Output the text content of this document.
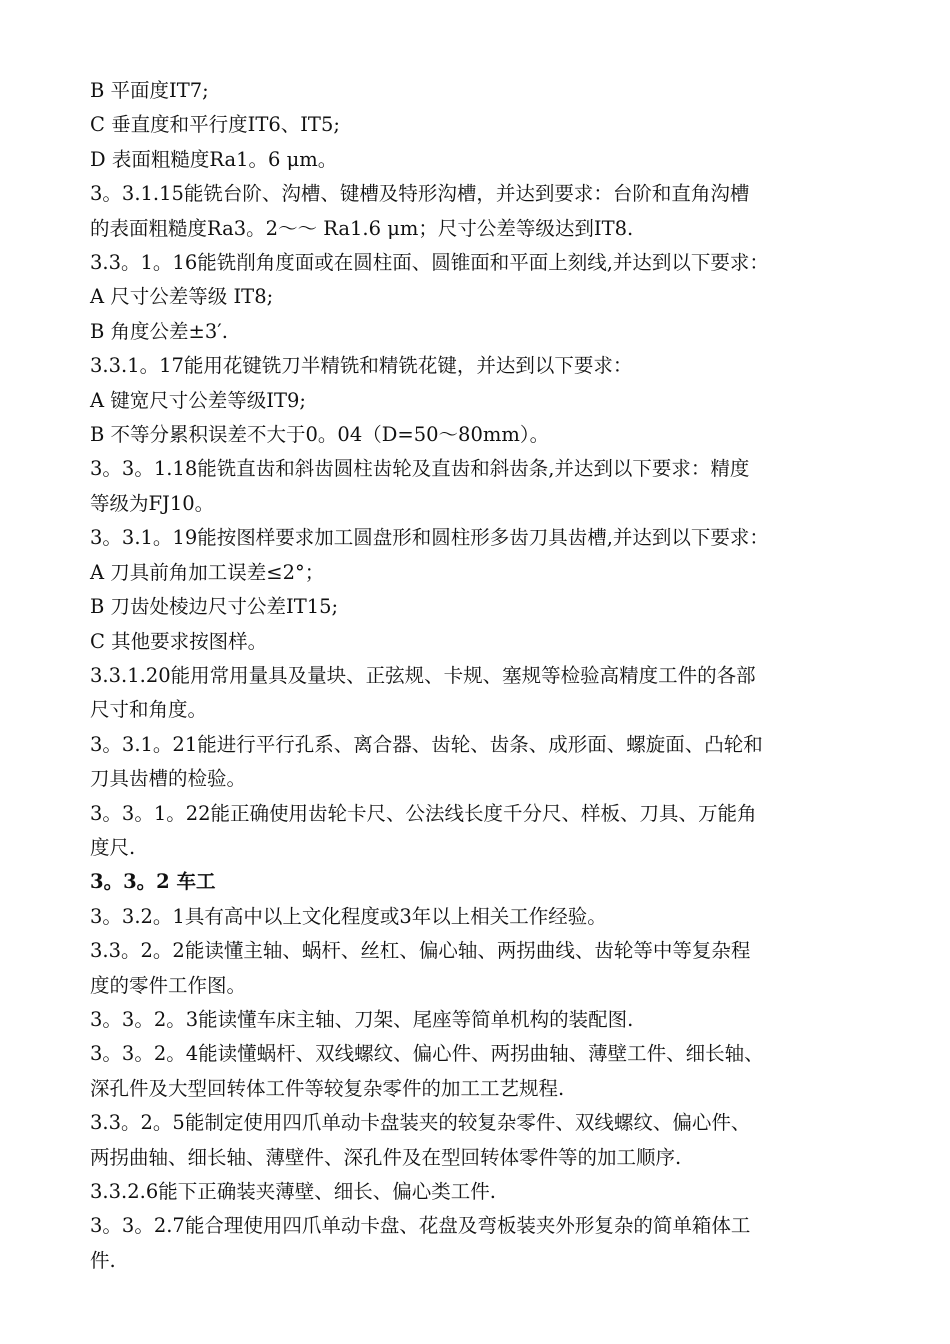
B 平面度IT7;
C 垂直度和平行度IT6、IT5;
D 表面粗糙度Ra1。6 μm。
3。3.1.15能铣台阶、沟槽、键槽及特形沟槽，并达到要求：台阶和直角沟槽
的表面粗糙度Ra3。2～～ Ra1.6 μm；尺寸公差等级达到IT8.
3.3。1。16能铣削角度面或在圆柱面、圆锥面和平面上刻线,并达到以下要求：
A 尺寸公差等级 IT8;
B 角度公差±3′.
3.3.1。17能用花键铣刀半精铣和精铣花键，并达到以下要求：
A 键宽尺寸公差等级IT9;
B 不等分累积误差不大于0。04（D=50～80mm）。
3。3。1.18能铣直齿和斜齿圆柱齿轮及直齿和斜齿条,并达到以下要求：精度
等级为FJ10。
3。3.1。19能按图样要求加工圆盘形和圆柱形多齿刀具齿槽,并达到以下要求：
A 刀具前角加工误差≤2°；
B 刀齿处棱边尺寸公差IT15;
C 其他要求按图样。
3.3.1.20能用常用量具及量块、正弦规、卡规、塞规等检验高精度工件的各部
尺寸和角度。
3。3.1。21能进行平行孔系、离合器、齿轮、齿条、成形面、螺旋面、凸轮和
刀具齿槽的检验。
3。3。1。22能正确使用齿轮卡尺、公法线长度千分尺、样板、刀具、万能角
度尺.
3。3。2 车工
3。3.2。1具有高中以上文化程度或3年以上相关工作经验。
3.3。2。2能读懂主轴、蜗杆、丝杠、偏心轴、两拐曲线、齿轮等中等复杂程
度的零件工作图。
3。3。2。3能读懂车床主轴、刀架、尾座等简单机构的装配图.
3。3。2。4能读懂蜗杆、双线螺纹、偏心件、两拐曲轴、薄壁工件、细长轴、
深孔件及大型回转体工件等较复杂零件的加工工艺规程.
3.3。2。5能制定使用四爪单动卡盘装夹的较复杂零件、双线螺纹、偏心件、
两拐曲轴、细长轴、薄壁件、深孔件及在型回转体零件等的加工顺序.
3.3.2.6能下正确装夹薄壁、细长、偏心类工件.
3。3。2.7能合理使用四爪单动卡盘、花盘及弯板装夹外形复杂的简单箱体工
件.
